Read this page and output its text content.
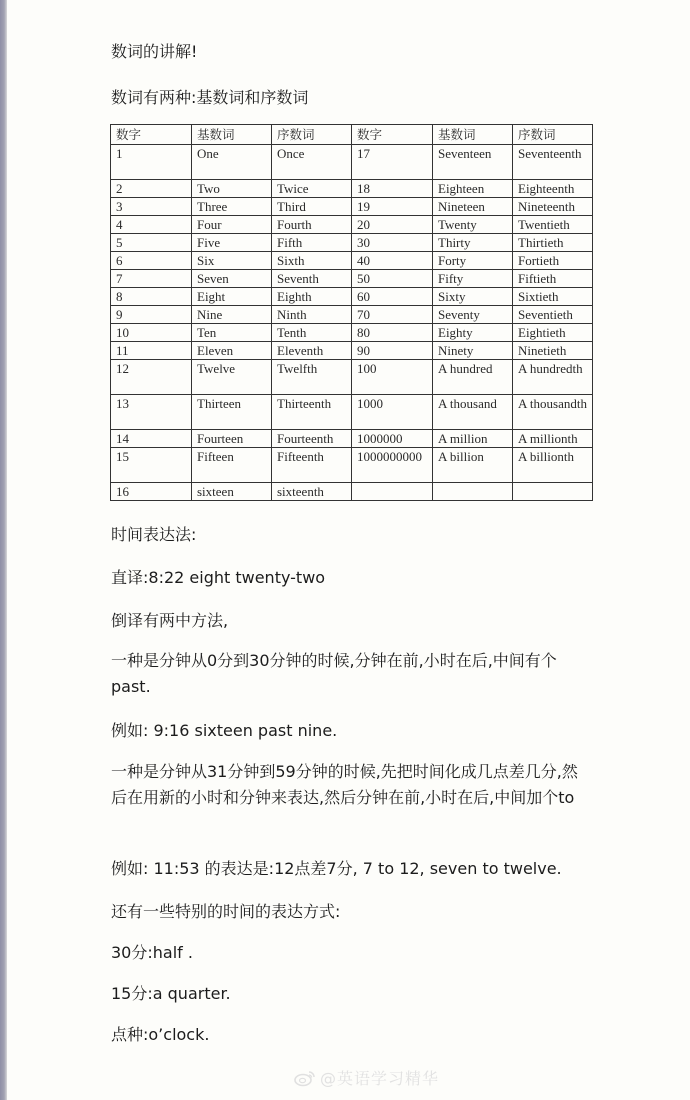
数词的讲解!
数词有两种:基数词和序数词
数字	基数词	序数词	数字	基数词	序数词
1	One	Once	17	Seventeen	Seventeenth
2	Two	Twice	18	Eighteen	Eighteenth
3	Three	Third	19	Nineteen	Nineteenth
4	Four	Fourth	20	Twenty	Twentieth
5	Five	Fifth	30	Thirty	Thirtieth
6	Six	Sixth	40	Forty	Fortieth
7	Seven	Seventh	50	Fifty	Fiftieth
8	Eight	Eighth	60	Sixty	Sixtieth
9	Nine	Ninth	70	Seventy	Seventieth
10	Ten	Tenth	80	Eighty	Eightieth
11	Eleven	Eleventh	90	Ninety	Ninetieth
12	Twelve	Twelfth	100	A hundred	A hundredth
13	Thirteen	Thirteenth	1000	A thousand	A thousandth
14	Fourteen	Fourteenth	1000000	A million	A millionth
15	Fifteen	Fifteenth	1000000000	A billion	A billionth
16	sixteen	sixteenth			
时间表达法:
直译:8:22 eight twenty-two
倒译有两中方法,
一种是分钟从0分到30分钟的时候,分钟在前,小时在后,中间有个past.
例如: 9:16 sixteen past nine.
一种是分钟从31分钟到59分钟的时候,先把时间化成几点差几分,然后在用新的小时和分钟来表达,然后分钟在前,小时在后,中间加个to
例如: 11:53 的表达是:12点差7分, 7 to 12, seven to twelve.
还有一些特别的时间的表达方式:
30分:half .
15分:a quarter.
点种:o’clock.
@英语学习精华
